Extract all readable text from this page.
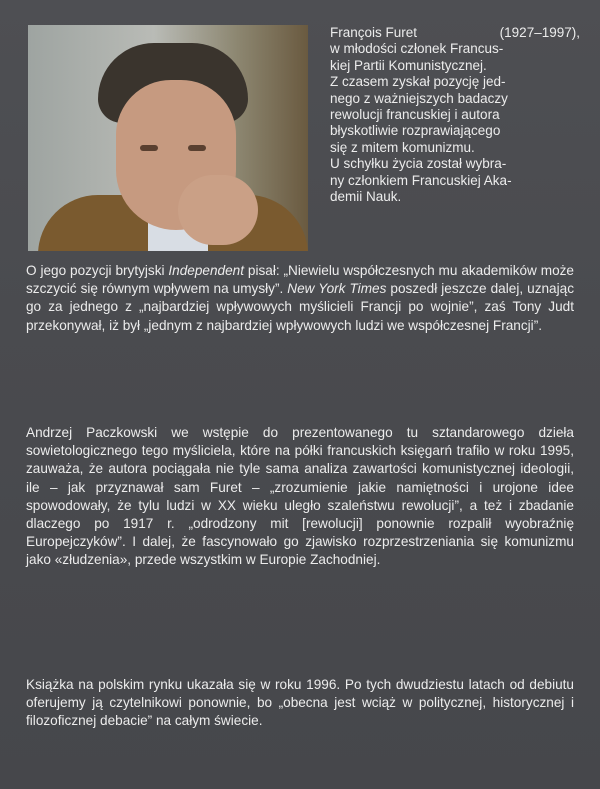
François Furet	(1927–1997),

w młodości członek Francus-

kiej Partii Komunistycznej.

Z czasem zyskał pozycję jed-

nego z ważniejszych badaczy

rewolucji francuskiej i autora

błyskotliwie rozprawiającego

się z mitem komunizmu.

U schyłku życia został wybra-

ny członkiem Francuskiej Aka-

demii Nauk.

O jego pozycji brytyjski Independent pisał: „Niewielu współczesnych mu akademików może szczycić się równym wpływem na umysły”. New York Times poszedł jeszcze dalej, uznając go za jednego z „najbardziej wpływowych myślicieli Francji po wojnie”, zaś Tony Judt przekonywał, iż był „jednym z najbardziej wpływowych ludzi we współczesnej Francji”.

Andrzej Paczkowski we wstępie do prezentowanego tu sztandarowego dzieła sowietologicznego tego myśliciela, które na półki francuskich księgarń trafiło w roku 1995, zauważa, że autora pociągała nie tyle sama analiza zawartości komunistycznej ideologii, ile – jak przyznawał sam Furet – „zrozumienie jakie namiętności i urojone idee spowodowały, że tylu ludzi w XX wieku uległo szaleństwu rewolucji”, a też i zbadanie dlaczego po 1917 r. „odrodzony mit [rewolucji] ponownie rozpalił wyobraźnię Europejczyków”. I dalej, że fascynowało go zjawisko rozprzestrzeniania się komunizmu jako «złudzenia», przede wszystkim w Europie Zachodniej.

Książka na polskim rynku ukazała się w roku 1996. Po tych dwudziestu latach od debiutu oferujemy ją czytelnikowi ponownie, bo „obecna jest wciąż w politycznej, historycznej i filozoficznej debacie” na całym świecie.
